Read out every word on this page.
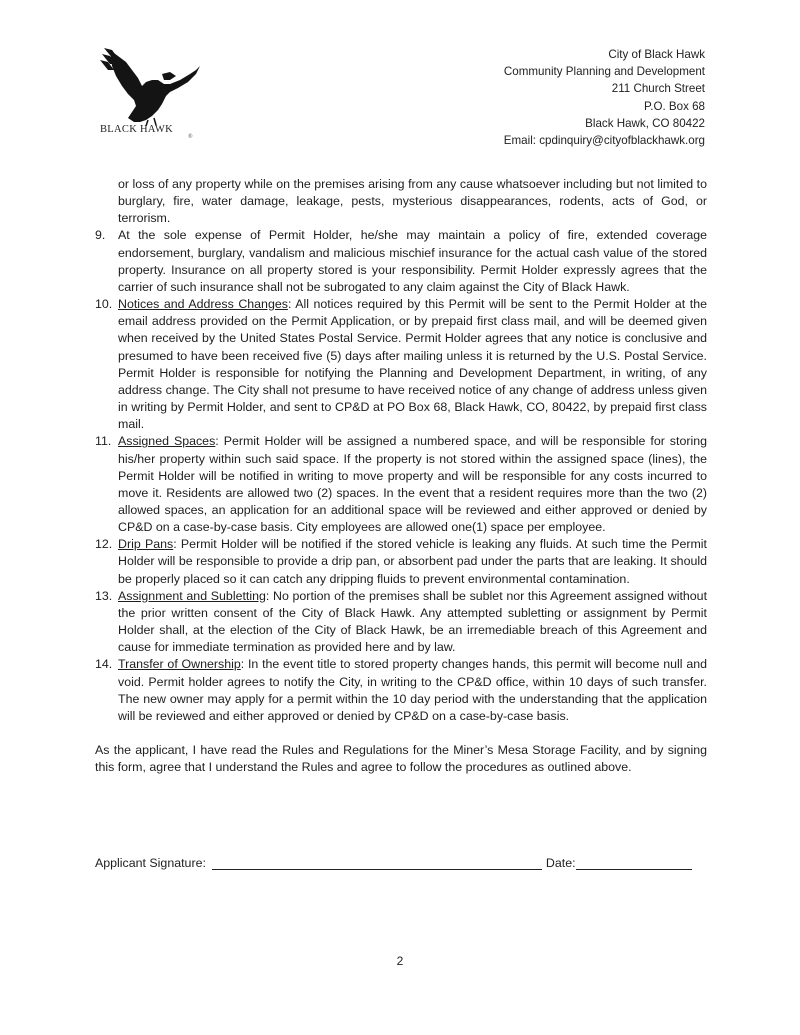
BLACK HAWK
®
City of Black Hawk
Community Planning and Development
211 Church Street
P.O. Box 68
Black Hawk, CO 80422
Email: cpdinquiry@cityofblackhawk.org
or loss of any property while on the premises arising from any cause whatsoever including but not limited to burglary, fire, water damage, leakage, pests, mysterious disappearances, rodents, acts of God, or terrorism.
9.	At the sole expense of Permit Holder, he/she may maintain a policy of fire, extended coverage endorsement, burglary, vandalism and malicious mischief insurance for the actual cash value of the stored property. Insurance on all property stored is your responsibility. Permit Holder expressly agrees that the carrier of such insurance shall not be subrogated to any claim against the City of Black Hawk.
10. Notices and Address Changes: All notices required by this Permit will be sent to the Permit Holder at the email address provided on the Permit Application, or by prepaid first class mail, and will be deemed given when received by the United States Postal Service. Permit Holder agrees that any notice is conclusive and presumed to have been received five (5) days after mailing unless it is returned by the U.S. Postal Service. Permit Holder is responsible for notifying the Planning and Development Department, in writing, of any address change. The City shall not presume to have received notice of any change of address unless given in writing by Permit Holder, and sent to CP&D at PO Box 68, Black Hawk, CO, 80422, by prepaid first class mail.
11. Assigned Spaces: Permit Holder will be assigned a numbered space, and will be responsible for storing his/her property within such said space. If the property is not stored within the assigned space (lines), the Permit Holder will be notified in writing to move property and will be responsible for any costs incurred to move it. Residents are allowed two (2) spaces. In the event that a resident requires more than the two (2) allowed spaces, an application for an additional space will be reviewed and either approved or denied by CP&D on a case-by-case basis. City employees are allowed one(1) space per employee.
12. Drip Pans: Permit Holder will be notified if the stored vehicle is leaking any fluids. At such time the Permit Holder will be responsible to provide a drip pan, or absorbent pad under the parts that are leaking. It should be properly placed so it can catch any dripping fluids to prevent environmental contamination.
13. Assignment and Subletting: No portion of the premises shall be sublet nor this Agreement assigned without the prior written consent of the City of Black Hawk. Any attempted subletting or assignment by Permit Holder shall, at the election of the City of Black Hawk, be an irremediable breach of this Agreement and cause for immediate termination as provided here and by law.
14. Transfer of Ownership: In the event title to stored property changes hands, this permit will become null and void. Permit holder agrees to notify the City, in writing to the CP&D office, within 10 days of such transfer. The new owner may apply for a permit within the 10 day period with the understanding that the application will be reviewed and either approved or denied by CP&D on a case-by-case basis.
As the applicant, I have read the Rules and Regulations for the Miner’s Mesa Storage Facility, and by signing this form, agree that I understand the Rules and agree to follow the procedures as outlined above.
Applicant Signature:	Date:
2
